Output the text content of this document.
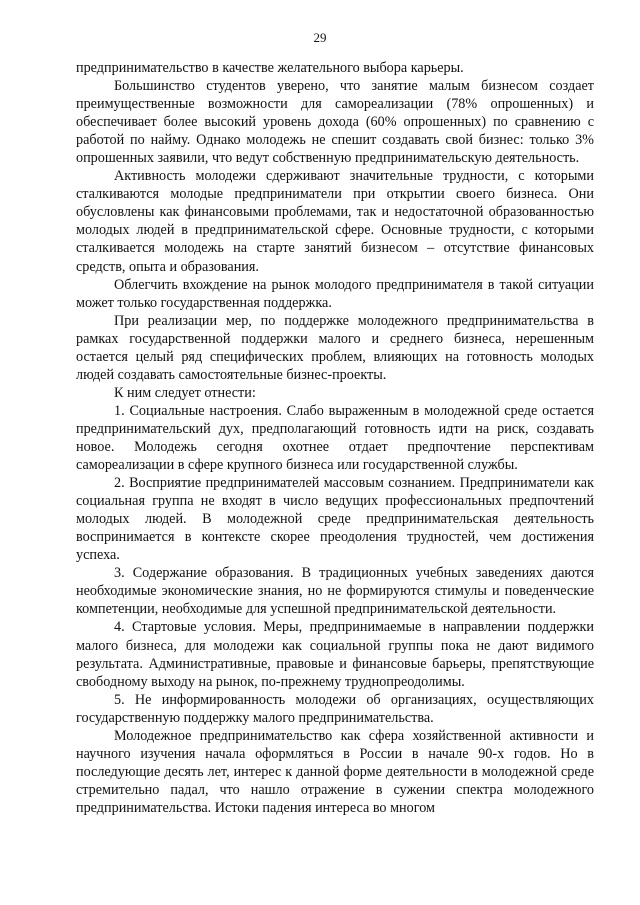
29

предпринимательство в качестве желательного выбора карьеры.

Большинство студентов уверено, что занятие малым бизнесом создает преимущественные возможности для самореализации (78% опрошенных) и обеспечивает более высокий уровень дохода (60% опрошенных) по сравнению с работой по найму. Однако молодежь не спешит создавать свой бизнес: только 3% опрошенных заявили, что ведут собственную предпринимательскую деятельность.

Активность молодежи сдерживают значительные трудности, с которыми сталкиваются молодые предприниматели при открытии своего бизнеса. Они обусловлены как финансовыми проблемами, так и недостаточной образованностью молодых людей в предпринимательской сфере. Основные трудности, с которыми сталкивается молодежь на старте занятий бизнесом – отсутствие финансовых средств, опыта и образования.

Облегчить вхождение на рынок молодого предпринимателя в такой ситуации может только государственная поддержка.

При реализации мер, по поддержке молодежного предпринимательства в рамках государственной поддержки малого и среднего бизнеса, нерешенным остается целый ряд специфических проблем, влияющих на готовность молодых людей создавать самостоятельные бизнес-проекты.

К ним следует отнести:

1. Социальные настроения. Слабо выраженным в молодежной среде остается предпринимательский дух, предполагающий готовность идти на риск, создавать новое. Молодежь сегодня охотнее отдает предпочтение перспективам самореализации в сфере крупного бизнеса или государственной службы.

2. Восприятие предпринимателей массовым сознанием. Предприниматели как социальная группа не входят в число ведущих профессиональных предпочтений молодых людей. В молодежной среде предпринимательская деятельность воспринимается в контексте скорее преодоления трудностей, чем достижения успеха.

3. Содержание образования. В традиционных учебных заведениях даются необходимые экономические знания, но не формируются стимулы и поведенческие компетенции, необходимые для успешной предпринимательской деятельности.

4. Стартовые условия. Меры, предпринимаемые в направлении поддержки малого бизнеса, для молодежи как социальной группы пока не дают видимого результата. Административные, правовые и финансовые барьеры, препятствующие свободному выходу на рынок, по-прежнему труднопреодолимы.

5. Не информированность молодежи об организациях, осуществляющих государственную поддержку малого предпринимательства.

Молодежное предпринимательство как сфера хозяйственной активности и научного изучения начала оформляться в России в начале 90-х годов. Но в последующие десять лет, интерес к данной форме деятельности в молодежной среде стремительно падал, что нашло отражение в сужении спектра молодежного предпринимательства. Истоки падения интереса во многом
